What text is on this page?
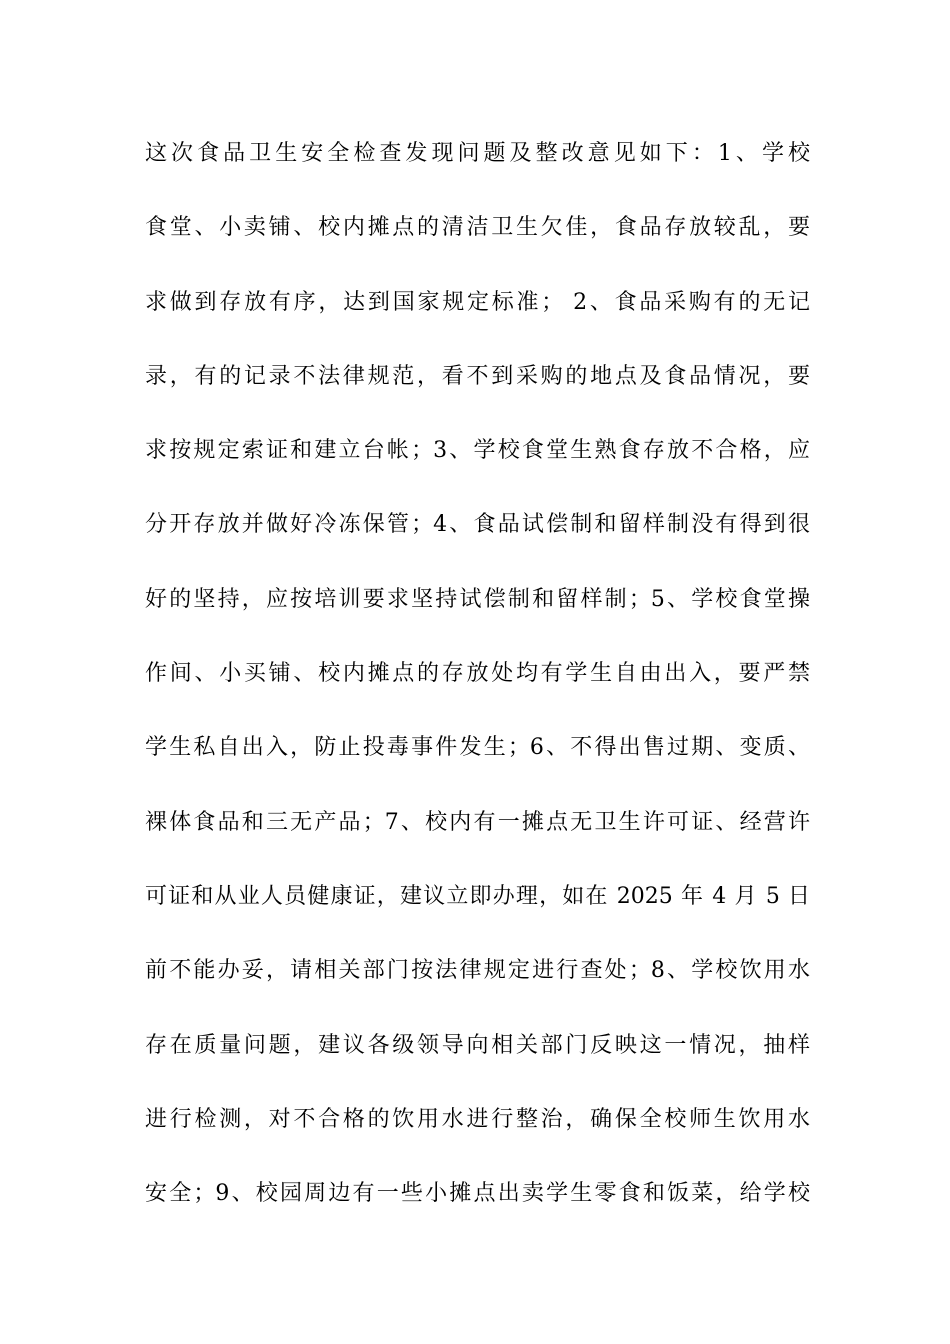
这次食品卫生安全检查发现问题及整改意见如下：1、学校
食堂、小卖铺、校内摊点的清洁卫生欠佳，食品存放较乱，要
求做到存放有序，达到国家规定标准； 2、食品采购有的无记
录，有的记录不法律规范，看不到采购的地点及食品情况，要
求按规定索证和建立台帐；3、学校食堂生熟食存放不合格，应
分开存放并做好冷冻保管；4、食品试偿制和留样制没有得到很
好的坚持，应按培训要求坚持试偿制和留样制；5、学校食堂操
作间、小买铺、校内摊点的存放处均有学生自由出入，要严禁
学生私自出入，防止投毒事件发生；6、不得出售过期、变质、
裸体食品和三无产品；7、校内有一摊点无卫生许可证、经营许
可证和从业人员健康证，建议立即办理，如在 2025 年 4 月 5 日
前不能办妥，请相关部门按法律规定进行查处；8、学校饮用水
存在质量问题，建议各级领导向相关部门反映这一情况，抽样
进行检测，对不合格的饮用水进行整治，确保全校师生饮用水
安全；9、校园周边有一些小摊点出卖学生零食和饭菜，给学校
